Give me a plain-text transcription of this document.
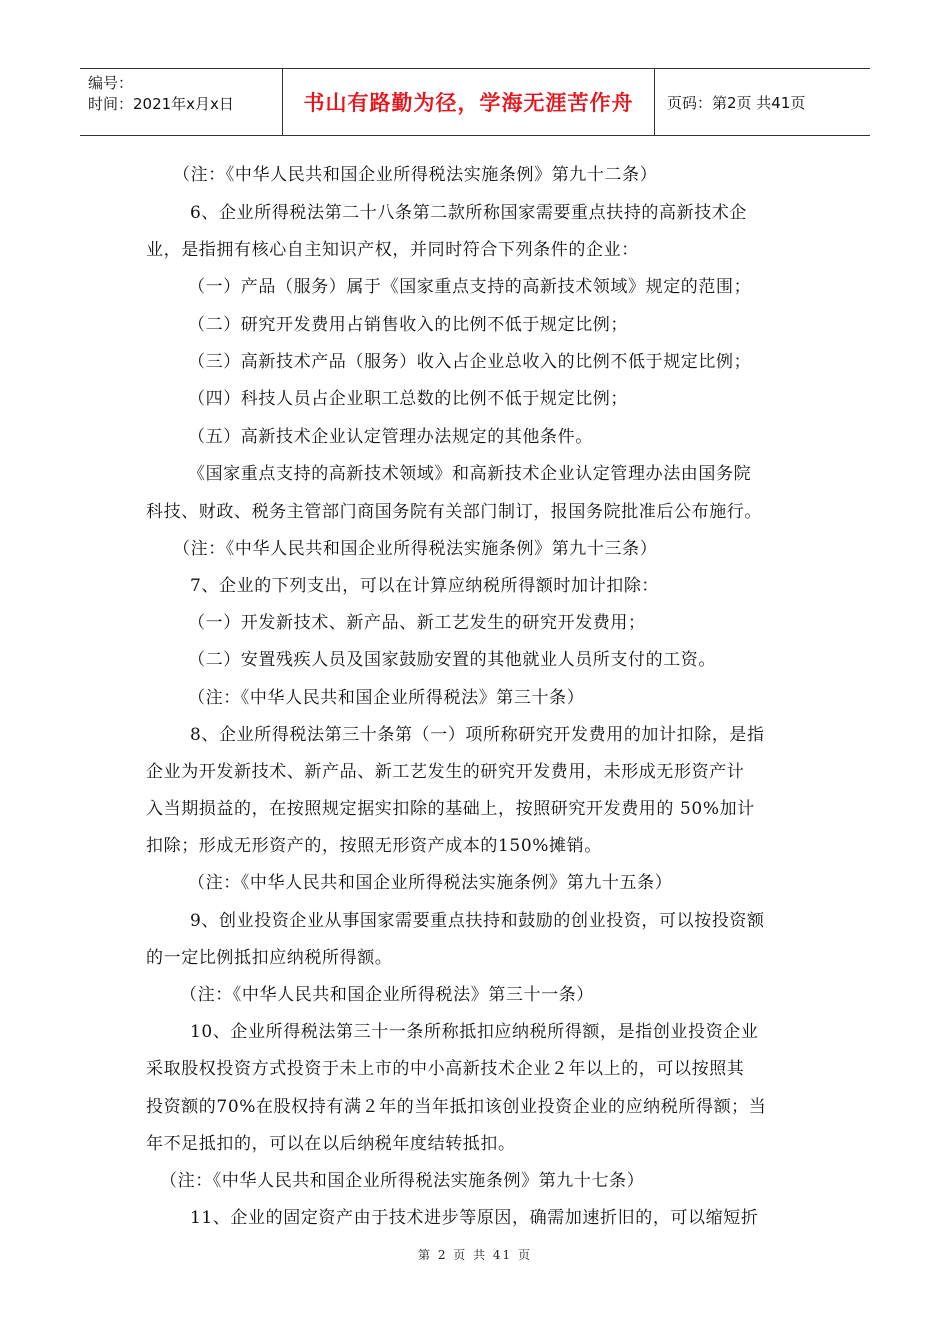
编号：
时间：2021年x月x日	书山有路勤为径，学海无涯苦作舟	页码：第2页 共41页
（注：《中华人民共和国企业所得税法实施条例》第九十二条）
6、企业所得税法第二十八条第二款所称国家需要重点扶持的高新技术企
业，是指拥有核心自主知识产权，并同时符合下列条件的企业：
（一）产品（服务）属于《国家重点支持的高新技术领域》规定的范围；
（二）研究开发费用占销售收入的比例不低于规定比例；
（三）高新技术产品（服务）收入占企业总收入的比例不低于规定比例；
（四）科技人员占企业职工总数的比例不低于规定比例；
（五）高新技术企业认定管理办法规定的其他条件。
《国家重点支持的高新技术领域》和高新技术企业认定管理办法由国务院
科技、财政、税务主管部门商国务院有关部门制订，报国务院批准后公布施行。
（注：《中华人民共和国企业所得税法实施条例》第九十三条）
7、企业的下列支出，可以在计算应纳税所得额时加计扣除：
（一）开发新技术、新产品、新工艺发生的研究开发费用；
（二）安置残疾人员及国家鼓励安置的其他就业人员所支付的工资。
（注：《中华人民共和国企业所得税法》第三十条）
8、企业所得税法第三十条第（一）项所称研究开发费用的加计扣除，是指
企业为开发新技术、新产品、新工艺发生的研究开发费用，未形成无形资产计
入当期损益的，在按照规定据实扣除的基础上，按照研究开发费用的 50%加计
扣除；形成无形资产的，按照无形资产成本的150%摊销。
（注：《中华人民共和国企业所得税法实施条例》第九十五条）
9、创业投资企业从事国家需要重点扶持和鼓励的创业投资，可以按投资额
的一定比例抵扣应纳税所得额。
（注：《中华人民共和国企业所得税法》第三十一条）
10、企业所得税法第三十一条所称抵扣应纳税所得额，是指创业投资企业
采取股权投资方式投资于未上市的中小高新技术企业２年以上的，可以按照其
投资额的70%在股权持有满２年的当年抵扣该创业投资企业的应纳税所得额；当
年不足抵扣的，可以在以后纳税年度结转抵扣。
（注：《中华人民共和国企业所得税法实施条例》第九十七条）
11、企业的固定资产由于技术进步等原因，确需加速折旧的，可以缩短折
第 2 页 共 41 页
